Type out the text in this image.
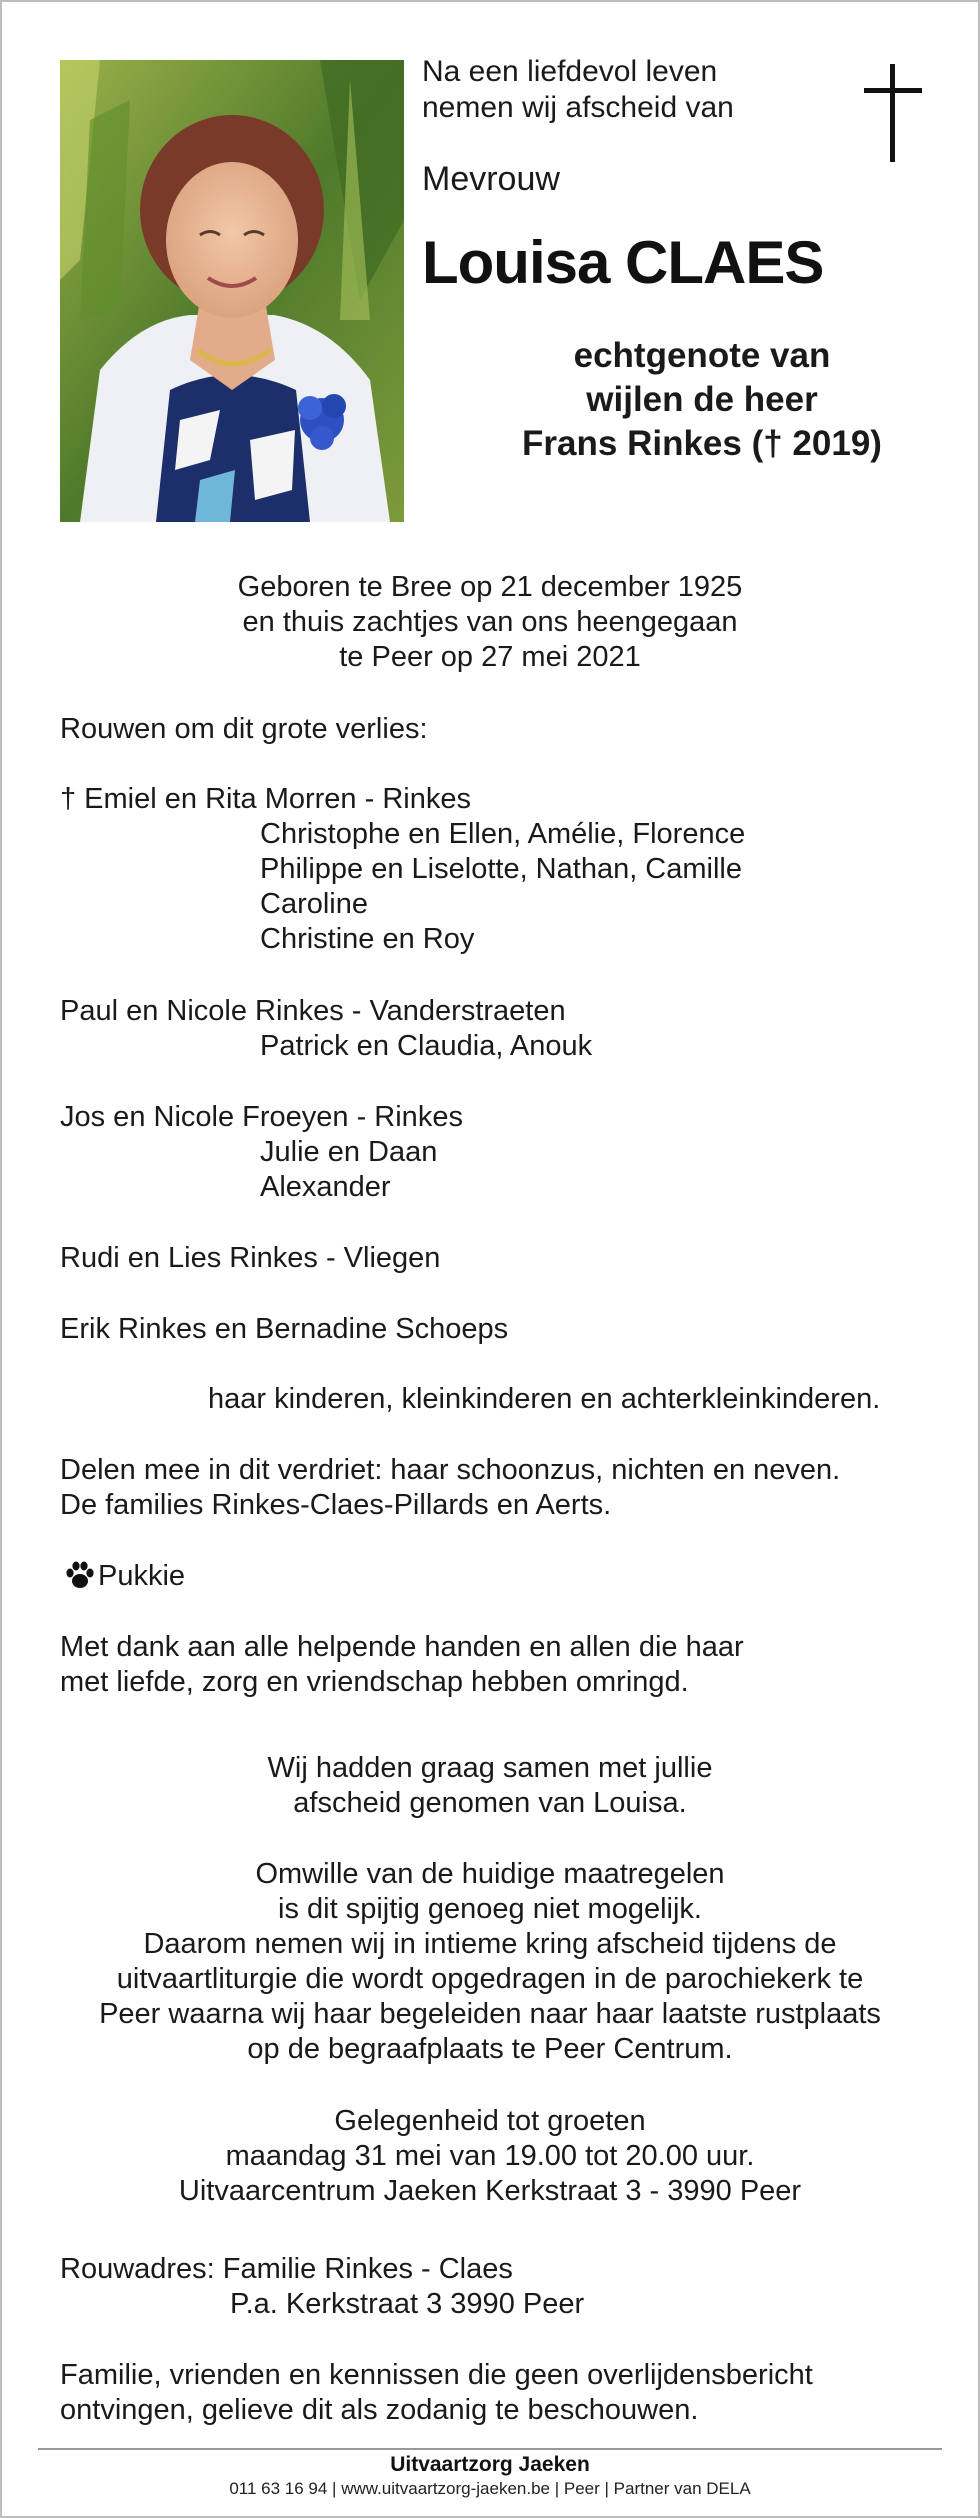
Na een liefdevol leven
nemen wij afscheid van
Mevrouw
Louisa CLAES
echtgenote van
wijlen de heer
Frans Rinkes († 2019)
Geboren te Bree op 21 december 1925
en thuis zachtjes van ons heengegaan
te Peer op 27 mei 2021
Rouwen om dit grote verlies:
† Emiel en Rita Morren - Rinkes
Christophe en Ellen, Amélie, Florence
Philippe en Liselotte, Nathan, Camille
Caroline
Christine en Roy
Paul en Nicole Rinkes - Vanderstraeten
Patrick en Claudia, Anouk
Jos en Nicole Froeyen - Rinkes
Julie en Daan
Alexander
Rudi en Lies Rinkes - Vliegen
Erik Rinkes en Bernadine Schoeps
haar kinderen, kleinkinderen en achterkleinkinderen.
Delen mee in dit verdriet: haar schoonzus, nichten en neven.
De families Rinkes-Claes-Pillards en Aerts.
Pukkie
Met dank aan alle helpende handen en allen die haar
met liefde, zorg en vriendschap hebben omringd.
Wij hadden graag samen met jullie
afscheid genomen van Louisa.
Omwille van de huidige maatregelen
is dit spijtig genoeg niet mogelijk.
Daarom nemen wij in intieme kring afscheid tijdens de
uitvaartliturgie die wordt opgedragen in de parochiekerk te
Peer waarna wij haar begeleiden naar haar laatste rustplaats
op de begraafplaats te Peer Centrum.
Gelegenheid tot groeten
maandag 31 mei van 19.00 tot 20.00 uur.
Uitvaarcentrum Jaeken Kerkstraat 3 - 3990 Peer
Rouwadres: Familie Rinkes - Claes
P.a. Kerkstraat 3 3990 Peer
Familie, vrienden en kennissen die geen overlijdensbericht
ontvingen, gelieve dit als zodanig te beschouwen.
Uitvaartzorg Jaeken
011 63 16 94 | www.uitvaartzorg-jaeken.be | Peer | Partner van DELA
